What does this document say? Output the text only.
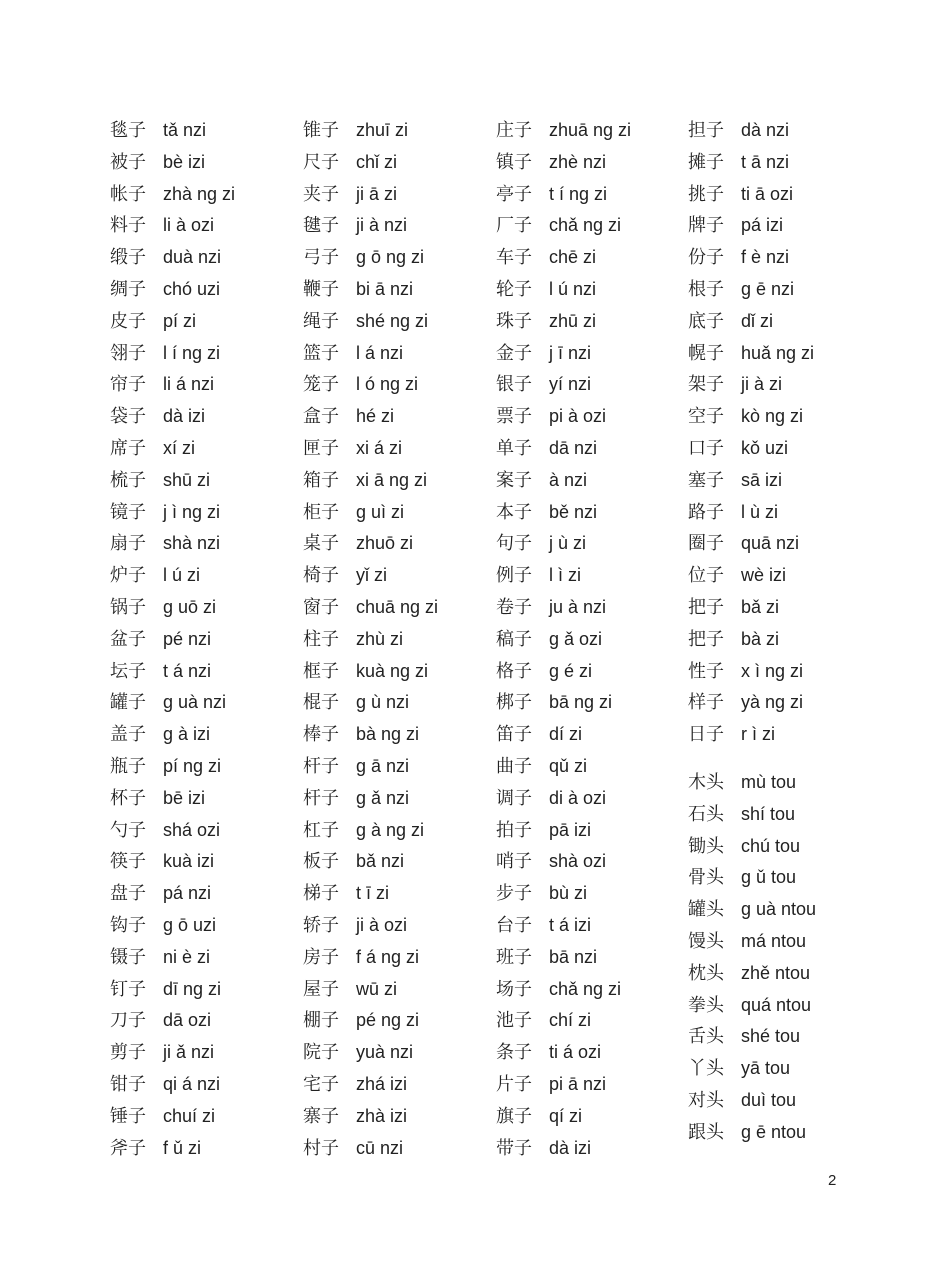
毯子 tǎ nzi
被子 bè izi
帐子 zhà ng zi
料子 li à ozi
缎子 duà nzi
绸子 chó uzi
皮子 pí zi
翎子 l í ng zi
帘子 li á nzi
袋子 dà izi
席子 xí zi
梳子 shū zi
镜子 j ì ng zi
扇子 shà nzi
炉子 l ú zi
锅子 g uō zi
盆子 pé nzi
坛子 t á nzi
罐子 g uà nzi
盖子 g à izi
瓶子 pí ng zi
杯子 bē izi
勺子 shá ozi
筷子 kuà izi
盘子 pá nzi
钩子 g ō uzi
镊子 ni è zi
钉子 dī ng zi
刀子 dā ozi
剪子 ji ǎ nzi
钳子 qi á nzi
锤子 chuí zi
斧子 f ǔ zi
锥子 zhuī zi
尺子 chǐ zi
夹子 ji ā zi
毽子 ji à nzi
弓子 g ō ng zi
鞭子 bi ā nzi
绳子 shé ng zi
篮子 l á nzi
笼子 l ó ng zi
盒子 hé zi
匣子 xi á zi
箱子 xi ā ng zi
柜子 g uì zi
桌子 zhuō zi
椅子 yǐ zi
窗子 chuā ng zi
柱子 zhù zi
框子 kuà ng zi
棍子 g ù nzi
棒子 bà ng zi
杆子 g ā nzi
杆子 g ǎ nzi
杠子 g à ng zi
板子 bǎ nzi
梯子 t ī zi
轿子 ji à ozi
房子 f á ng zi
屋子 wū zi
棚子 pé ng zi
院子 yuà nzi
宅子 zhá izi
寨子 zhà izi
村子 cū nzi
庄子 zhuā ng zi
镇子 zhè nzi
亭子 t í ng zi
厂子 chǎ ng zi
车子 chē zi
轮子 l ú nzi
珠子 zhū zi
金子 j ī nzi
银子 yí nzi
票子 pi à ozi
单子 dā nzi
案子 à nzi
本子 bě nzi
句子 j ù zi
例子 l ì zi
卷子 ju à nzi
稿子 g ǎ ozi
格子 g é zi
梆子 bā ng zi
笛子 dí zi
曲子 qǔ zi
调子 di à ozi
拍子 pā izi
哨子 shà ozi
步子 bù zi
台子 t á izi
班子 bā nzi
场子 chǎ ng zi
池子 chí zi
条子 ti á ozi
片子 pi ā nzi
旗子 qí zi
带子 dà izi
担子 dà nzi
摊子 t ā nzi
挑子 ti ā ozi
牌子 pá izi
份子 f è nzi
根子 g ē nzi
底子 dǐ zi
幌子 huǎ ng zi
架子 ji à zi
空子 kò ng zi
口子 kǒ uzi
塞子 sā izi
路子 l ù zi
圈子 quā nzi
位子 wè izi
把子 bǎ zi
把子 bà zi
性子 x ì ng zi
样子 yà ng zi
日子 r ì zi
木头 mù tou
石头 shí tou
锄头 chú tou
骨头 g ǔ tou
罐头 g uà ntou
馒头 má ntou
枕头 zhě ntou
拳头 quá ntou
舌头 shé tou
丫头 yā tou
对头 duì tou
跟头 g ē ntou
2
